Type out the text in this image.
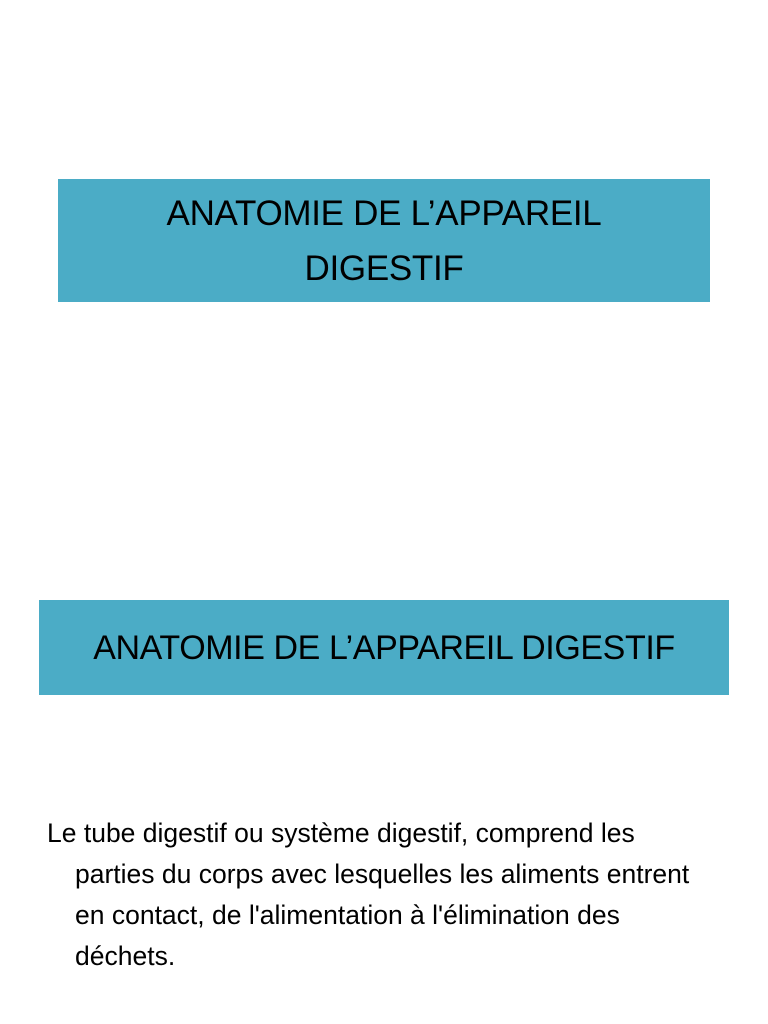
ANATOMIE DE L’APPAREIL DIGESTIF
ANATOMIE DE L’APPAREIL DIGESTIF
Le tube digestif ou système digestif, comprend les parties du corps avec lesquelles les aliments entrent en contact, de l'alimentation à l'élimination des déchets.
